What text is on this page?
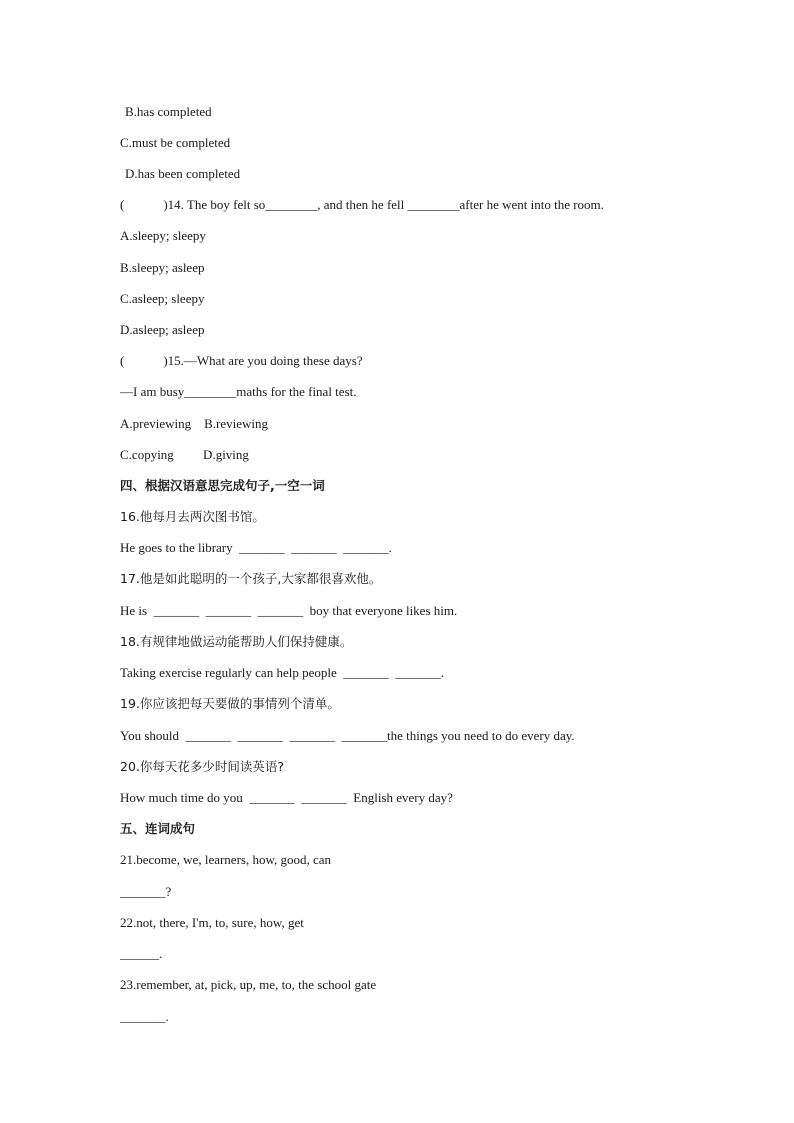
B.has completed
C.must be completed
D.has been completed
(            )14. The boy felt so________, and then he fell ________after he went into the room.
A.sleepy; sleepy
B.sleepy; asleep
C.asleep; sleepy
D.asleep; asleep
(            )15.—What are you doing these days?
—I am busy________maths for the final test.
A.previewing    B.reviewing
C.copying         D.giving
四、根据汉语意思完成句子,一空一词
16.他每月去两次图书馆。
He goes to the library  _______  _______  _______.
17.他是如此聪明的一个孩子,大家都很喜欢他。
He is  _______  _______  _______  boy that everyone likes him.
18.有规律地做运动能帮助人们保持健康。
Taking exercise regularly can help people  _______  _______.
19.你应该把每天要做的事情列个清单。
You should  _______  _______  _______  _______the things you need to do every day.
20.你每天花多少时间读英语?
How much time do you  _______  _______  English every day?
五、连词成句
21.become, we, learners, how, good, can
_______?
22.not, there, I'm, to, sure, how, get
______.
23.remember, at, pick, up, me, to, the school gate
_______.
